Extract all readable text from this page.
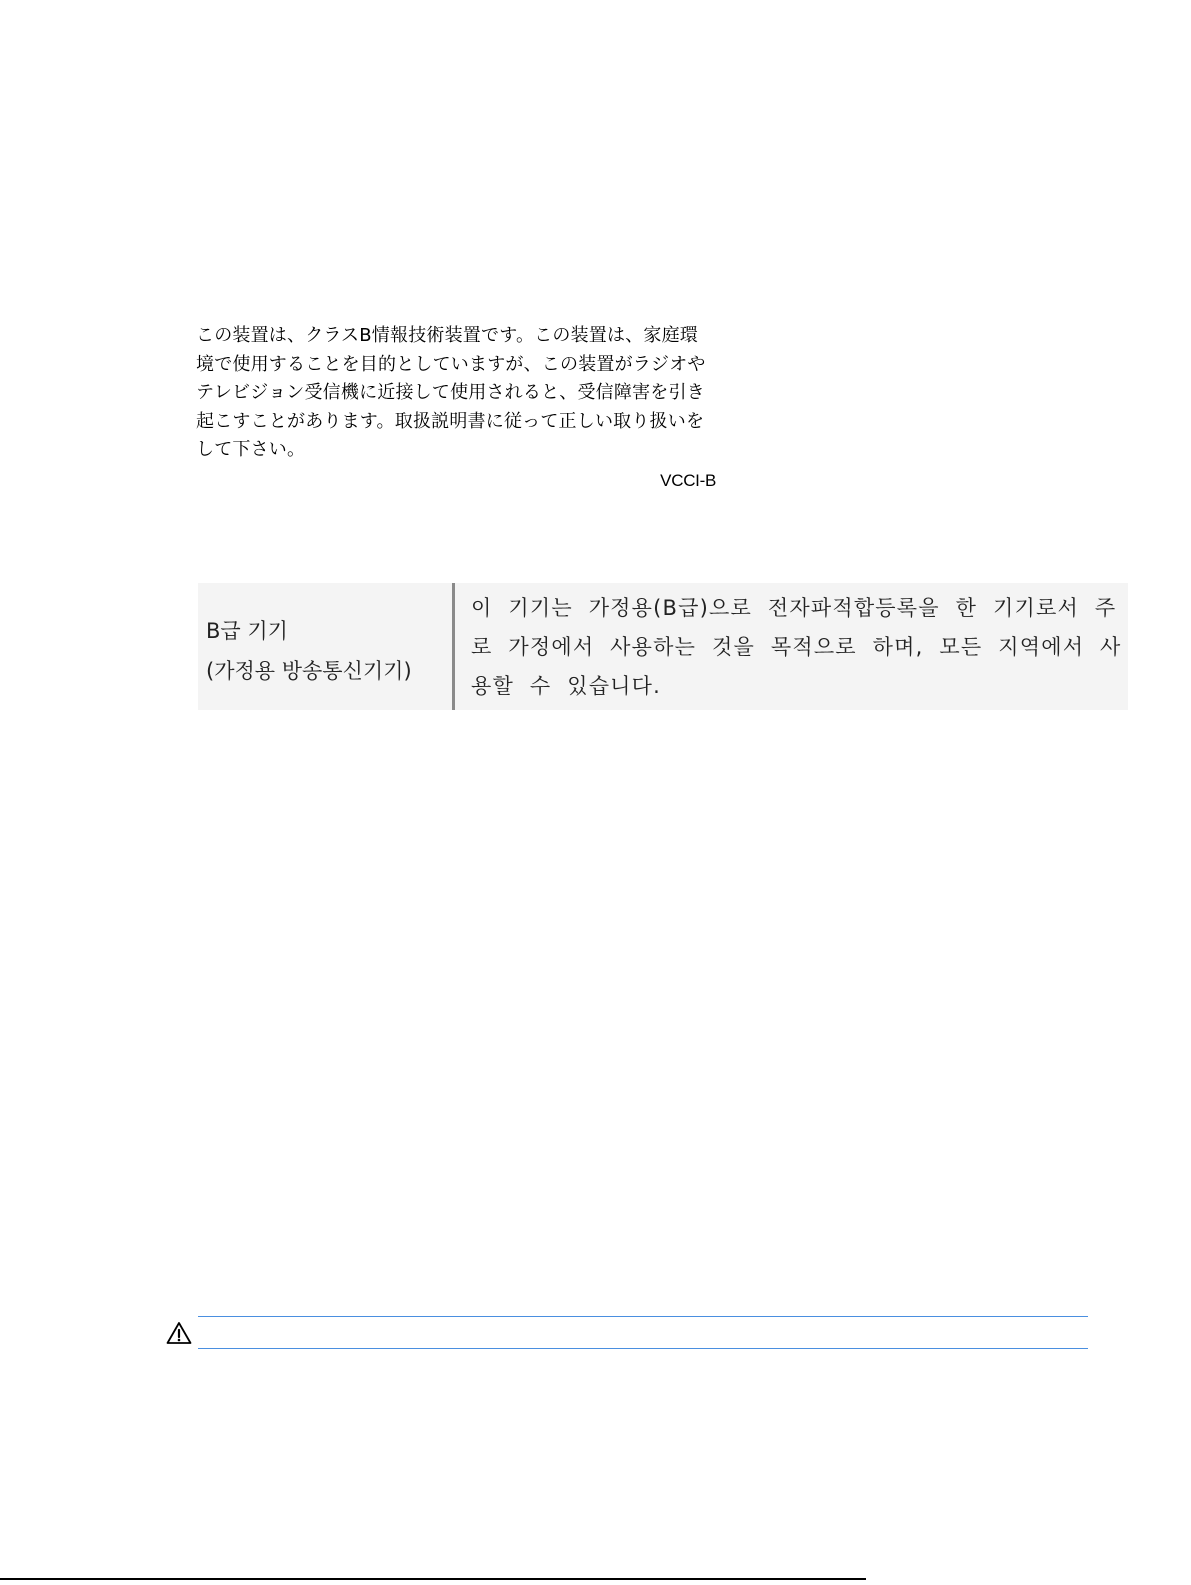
この装置は、クラスB情報技術装置です。この装置は、家庭環
境で使用することを目的としていますが、この装置がラジオや
テレビジョン受信機に近接して使用されると、受信障害を引き
起こすことがあります。取扱説明書に従って正しい取り扱いを
して下さい。
VCCI-B
B급 기기
(가정용 방송통신기기)
이 기기는 가정용(B급)으로 전자파적합등록을 한 기기로서 주
로 가정에서 사용하는 것을 목적으로 하며, 모든 지역에서 사
용할 수 있습니다.
